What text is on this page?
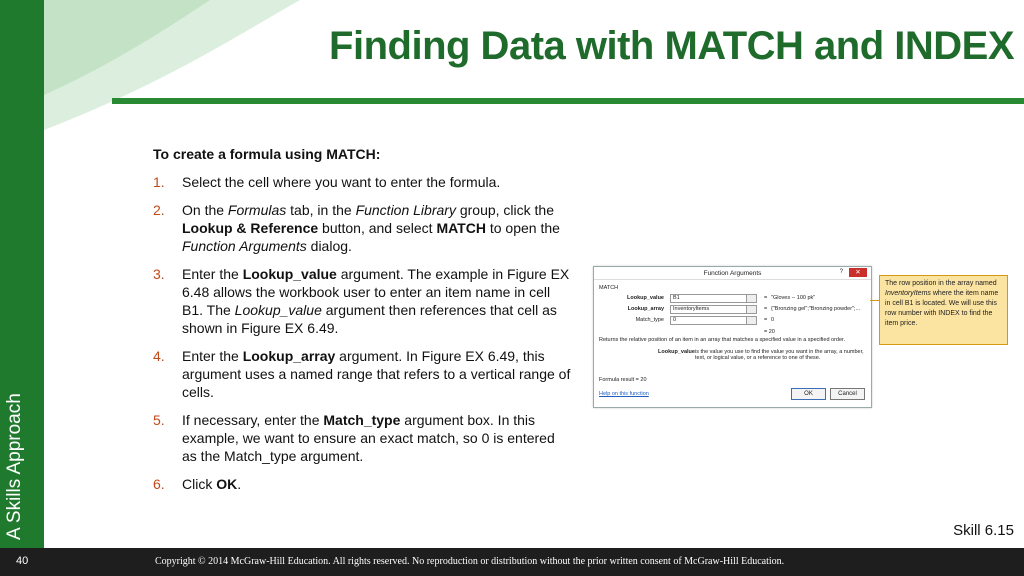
A Skills Approach
Finding Data with MATCH and INDEX
To create a formula using MATCH:
1.	Select the cell where you want to enter the formula.
2.	On the Formulas tab, in the Function Library group, click the Lookup & Reference button, and select MATCH to open the Function Arguments dialog.
3.	Enter the Lookup_value argument. The example in Figure EX 6.48 allows the workbook user to enter an item name in cell B1. The Lookup_value argument then references that cell as shown in Figure EX 6.49.
4.	Enter the Lookup_array argument. In Figure EX 6.49, this argument uses a named range that refers to a vertical range of cells.
5.	If necessary, enter the Match_type argument box. In this example, we want to ensure an exact match, so 0 is entered as the Match_type argument.
6.	Click OK.
Function Arguments	?	✕
MATCH
Lookup_value	B1	= "Gloves -- 100 pk"
Lookup_array	InventoryItems	= {"Bronzing gel";"Bronzing powder";...
Match_type	0	= 0
= 20
Returns the relative position of an item in an array that matches a specified value in a specified order.
Lookup_value is the value you use to find the value you want in the array, a number, text, or logical value, or a reference to one of these.
Formula result = 20
Help on this function	OK	Cancel
The row position in the array named InventoryItems where the item name in cell B1 is located. We will use this row number with INDEX to find the item price.
Skill 6.15
40	Copyright © 2014 McGraw-Hill Education. All rights reserved. No reproduction or distribution without the prior written consent of McGraw-Hill Education.
